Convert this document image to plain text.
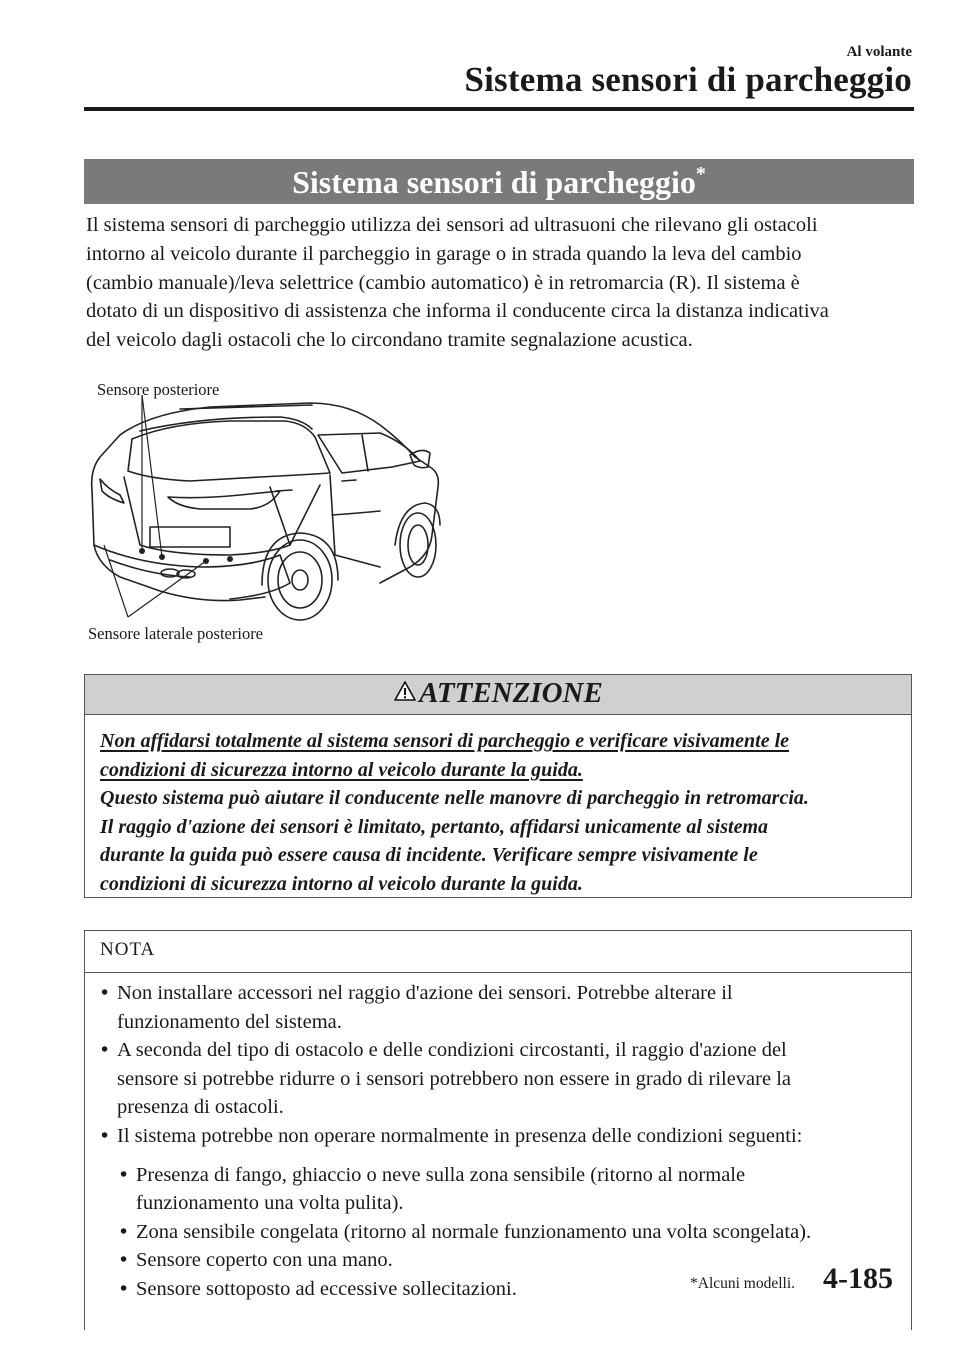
Al volante
Sistema sensori di parcheggio
Sistema sensori di parcheggio*
Il sistema sensori di parcheggio utilizza dei sensori ad ultrasuoni che rilevano gli ostacoli
intorno al veicolo durante il parcheggio in garage o in strada quando la leva del cambio
(cambio manuale)/leva selettrice (cambio automatico) è in retromarcia (R). Il sistema è
dotato di un dispositivo di assistenza che informa il conducente circa la distanza indicativa
del veicolo dagli ostacoli che lo circondano tramite segnalazione acustica.
Sensore posteriore
Sensore laterale posteriore
ATTENZIONE
Non affidarsi totalmente al sistema sensori di parcheggio e verificare visivamente le
condizioni di sicurezza intorno al veicolo durante la guida.
Questo sistema può aiutare il conducente nelle manovre di parcheggio in retromarcia.
Il raggio d'azione dei sensori è limitato, pertanto, affidarsi unicamente al sistema
durante la guida può essere causa di incidente. Verificare sempre visivamente le
condizioni di sicurezza intorno al veicolo durante la guida.
NOTA
• Non installare accessori nel raggio d'azione dei sensori. Potrebbe alterare il
funzionamento del sistema.
• A seconda del tipo di ostacolo e delle condizioni circostanti, il raggio d'azione del
sensore si potrebbe ridurre o i sensori potrebbero non essere in grado di rilevare la
presenza di ostacoli.
• Il sistema potrebbe non operare normalmente in presenza delle condizioni seguenti:
• Presenza di fango, ghiaccio o neve sulla zona sensibile (ritorno al normale
funzionamento una volta pulita).
• Zona sensibile congelata (ritorno al normale funzionamento una volta scongelata).
• Sensore coperto con una mano.
• Sensore sottoposto ad eccessive sollecitazioni.	*Alcuni modelli. 4-185
